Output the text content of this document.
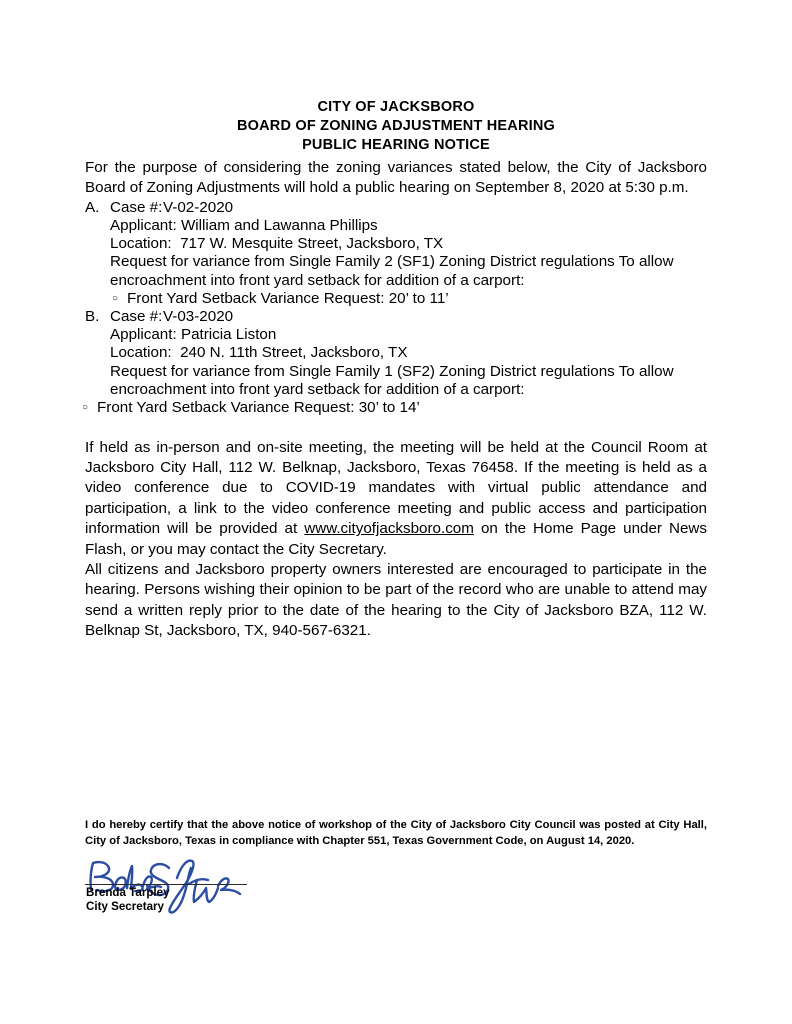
CITY OF JACKSBORO
BOARD OF ZONING ADJUSTMENT HEARING
PUBLIC HEARING NOTICE

For the purpose of considering the zoning variances stated below, the City of Jacksboro Board of Zoning Adjustments will hold a public hearing on September 8, 2020 at 5:30 p.m.

A. Case #:V-02-2020
Applicant: William and Lawanna Phillips
Location: 717 W. Mesquite Street, Jacksboro, TX
Request for variance from Single Family 2 (SF1) Zoning District regulations To allow encroachment into front yard setback for addition of a carport:
○ Front Yard Setback Variance Request: 20’ to 11’
B. Case #:V-03-2020
Applicant: Patricia Liston
Location: 240 N. 11th Street, Jacksboro, TX
Request for variance from Single Family 1 (SF2) Zoning District regulations To allow encroachment into front yard setback for addition of a carport:
○ Front Yard Setback Variance Request: 30’ to 14’

If held as in-person and on-site meeting, the meeting will be held at the Council Room at Jacksboro City Hall, 112 W. Belknap, Jacksboro, Texas 76458. If the meeting is held as a video conference due to COVID-19 mandates with virtual public attendance and participation, a link to the video conference meeting and public access and participation information will be provided at www.cityofjacksboro.com on the Home Page under News Flash, or you may contact the City Secretary.

All citizens and Jacksboro property owners interested are encouraged to participate in the hearing. Persons wishing their opinion to be part of the record who are unable to attend may send a written reply prior to the date of the hearing to the City of Jacksboro BZA, 112 W. Belknap St, Jacksboro, TX, 940-567-6321.

I do hereby certify that the above notice of workshop of the City of Jacksboro City Council was posted at City Hall, City of Jacksboro, Texas in compliance with Chapter 551, Texas Government Code, on August 14, 2020.
Brenda Tarpley
City Secretary
